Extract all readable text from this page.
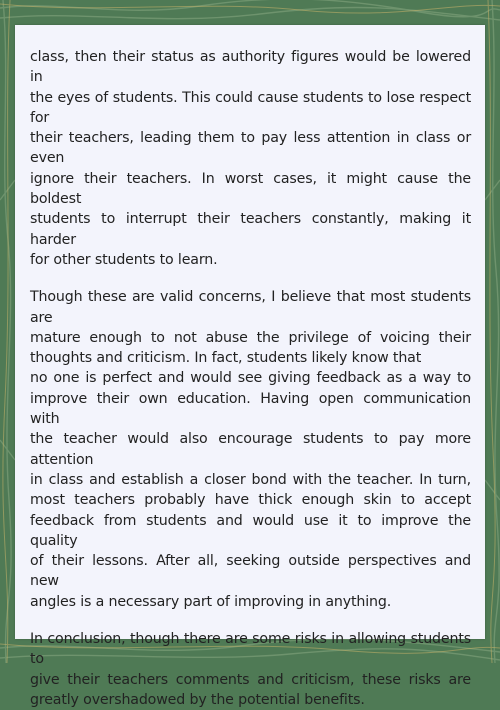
class, then their status as authority figures would be lowered in
the eyes of students. This could cause students to lose respect for
their teachers, leading them to pay less attention in class or even
ignore their teachers. In worst cases, it might cause the boldest
students to interrupt their teachers constantly, making it harder
for other students to learn.

Though these are valid concerns, I believe that most students are
mature enough to not abuse the privilege of voicing their
thoughts and criticism. In fact, students likely know that
no one is perfect and would see giving feedback as a way to
improve their own education. Having open communication with
the teacher would also encourage students to pay more attention
in class and establish a closer bond with the teacher. In turn,
most teachers probably have thick enough skin to accept
feedback from students and would use it to improve the quality
of their lessons. After all, seeking outside perspectives and new
angles is a necessary part of improving in anything.

In conclusion, though there are some risks in allowing students to
give their teachers comments and criticism, these risks are
greatly overshadowed by the potential benefits.
